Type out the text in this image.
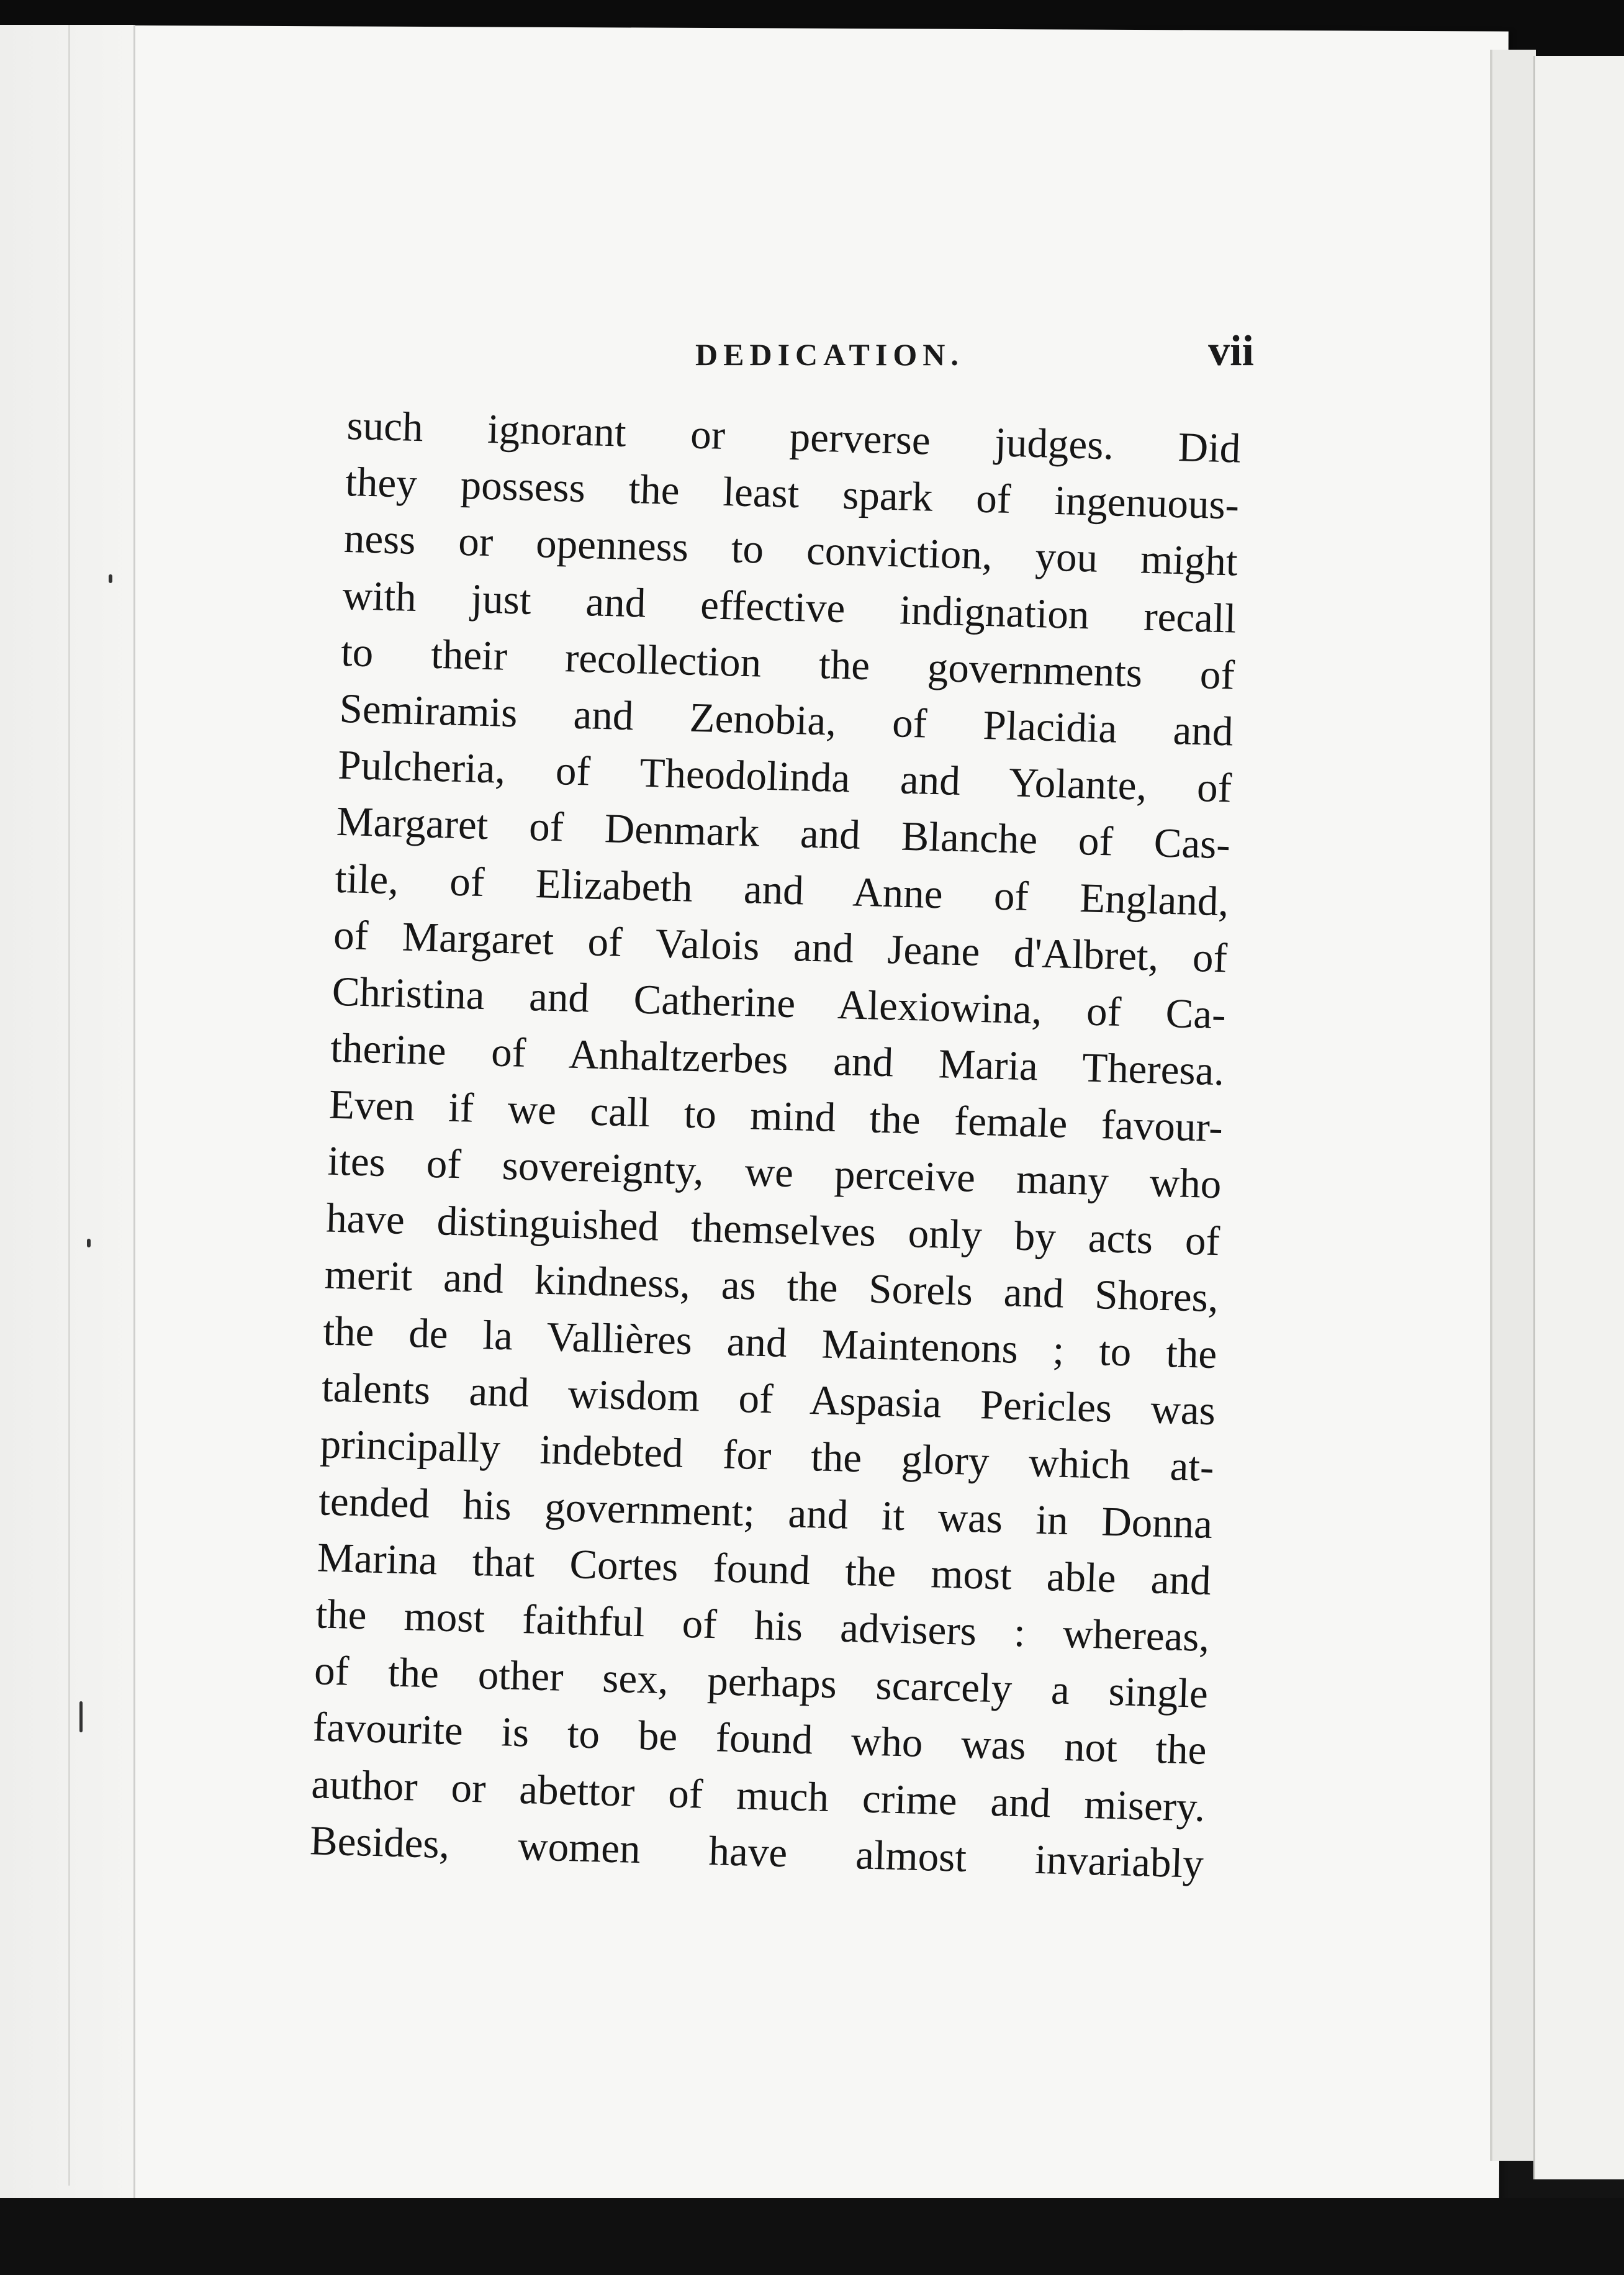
DEDICATION.	vii
such ignorant or perverse judges. Did
they possess the least spark of ingenuous-
ness or openness to conviction, you might
with just and effective indignation recall
to their recollection the governments of
Semiramis and Zenobia, of Placidia and
Pulcheria, of Theodolinda and Yolante, of
Margaret of Denmark and Blanche of Cas-
tile, of Elizabeth and Anne of England,
of Margaret of Valois and Jeane d'Albret, of
Christina and Catherine Alexiowina, of Ca-
therine of Anhaltzerbes and Maria Theresa.
Even if we call to mind the female favour-
ites of sovereignty, we perceive many who
have distinguished themselves only by acts of
merit and kindness, as the Sorels and Shores,
the de la Vallières and Maintenons ; to the
talents and wisdom of Aspasia Pericles was
principally indebted for the glory which at-
tended his government; and it was in Donna
Marina that Cortes found the most able and
the most faithful of his advisers : whereas,
of the other sex, perhaps scarcely a single
favourite is to be found who was not the
author or abettor of much crime and misery.
Besides, women have almost invariably
